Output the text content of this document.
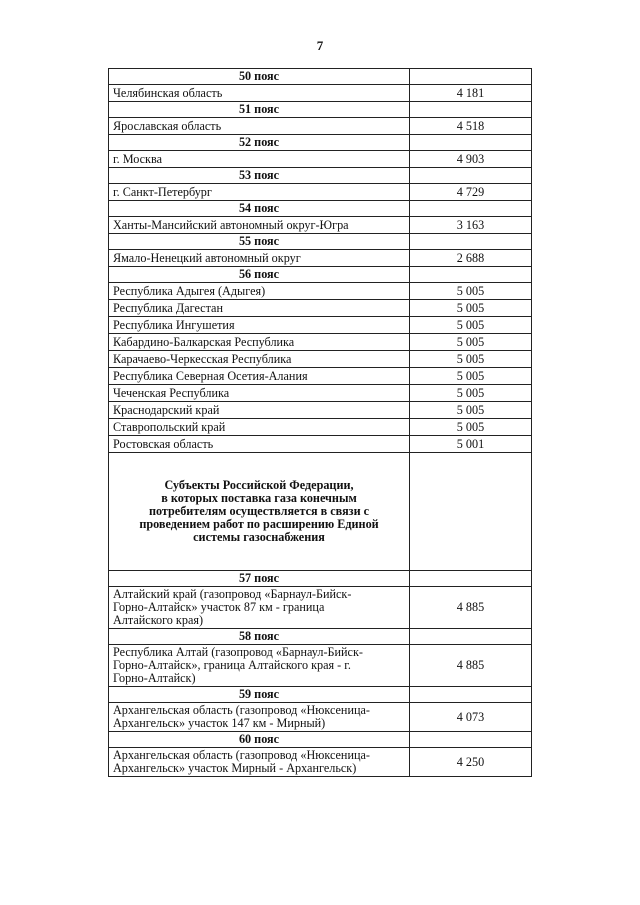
7
50 пояс	
Челябинская область	4 181
51 пояс	
Ярославская область	4 518
52 пояс	
г. Москва	4 903
53 пояс	
г. Санкт-Петербург	4 729
54 пояс	
Ханты-Мансийский автономный округ-Югра	3 163
55 пояс	
Ямало-Ненецкий автономный округ	2 688
56 пояс	
Республика Адыгея (Адыгея)	5 005
Республика Дагестан	5 005
Республика Ингушетия	5 005
Кабардино-Балкарская Республика	5 005
Карачаево-Черкесская Республика	5 005
Республика Северная Осетия-Алания	5 005
Чеченская Республика	5 005
Краснодарский край	5 005
Ставропольский край	5 005
Ростовская область	5 001

Субъекты Российской Федерации,
в которых поставка газа конечным
потребителям осуществляется в связи с
проведением работ по расширению Единой
системы газоснабжения	

57 пояс	

Алтайский край (газопровод «Барнаул-Бийск-
Горно-Алтайск» участок 87 км - граница
Алтайского края)	4 885
58 пояс	

Республика Алтай (газопровод «Барнаул-Бийск-
Горно-Алтайск», граница Алтайского края - г.
Горно-Алтайск)	4 885
59 пояс	

Архангельская область (газопровод «Нюксеница-
Архангельск» участок 147 км - Мирный)	4 073
60 пояс	

Архангельская область (газопровод «Нюксеница-
Архангельск» участок Мирный - Архангельск)	4 250
